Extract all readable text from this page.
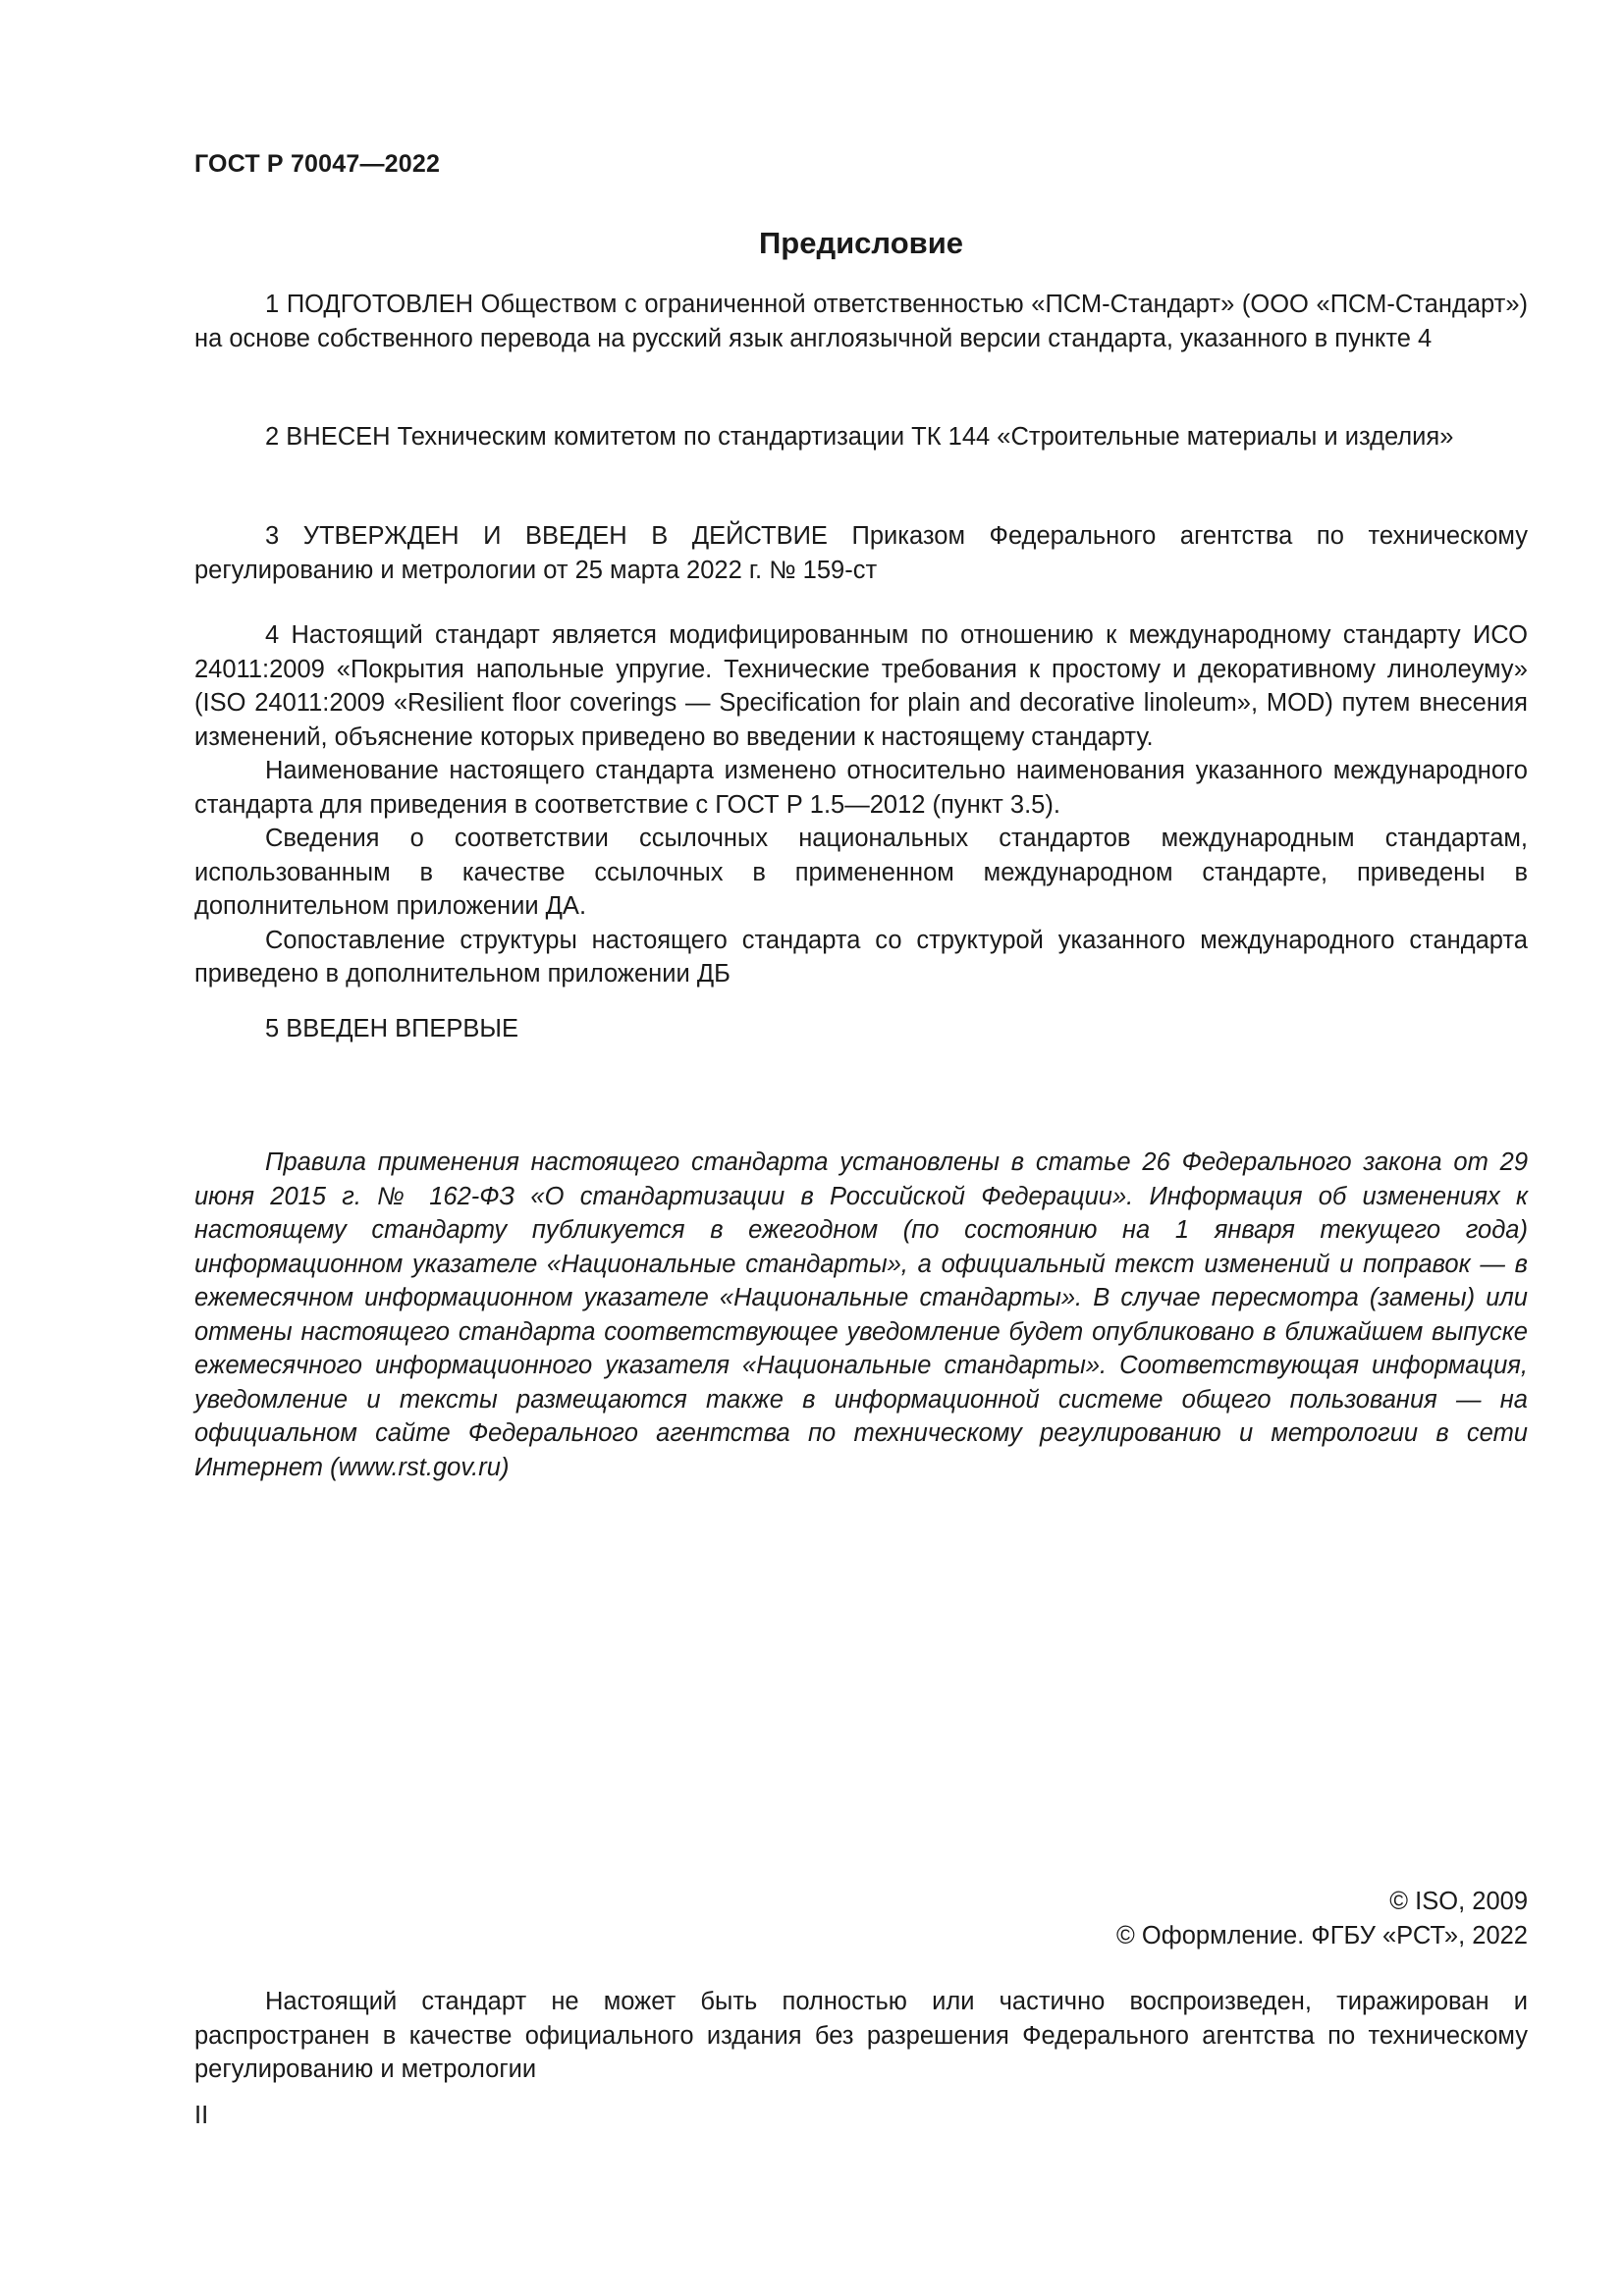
ГОСТ Р 70047—2022
Предисловие

1 ПОДГОТОВЛЕН Обществом с ограниченной ответственностью «ПСМ-Стандарт» (ООО «ПСМ-Стандарт») на основе собственного перевода на русский язык англоязычной версии стандарта, указанного в пункте 4

2 ВНЕСЕН Техническим комитетом по стандартизации ТК 144 «Строительные материалы и изделия»

3 УТВЕРЖДЕН И ВВЕДЕН В ДЕЙСТВИЕ Приказом Федерального агентства по техническому регулированию и метрологии от 25 марта 2022 г. № 159-ст

4 Настоящий стандарт является модифицированным по отношению к международному стандарту ИСО 24011:2009 «Покрытия напольные упругие. Технические требования к простому и декоративному линолеуму» (ISO 24011:2009 «Resilient floor coverings — Specification for plain and decorative linoleum», MOD) путем внесения изменений, объяснение которых приведено во введении к настоящему стандарту.

Наименование настоящего стандарта изменено относительно наименования указанного международного стандарта для приведения в соответствие с ГОСТ Р 1.5—2012 (пункт 3.5).

Сведения о соответствии ссылочных национальных стандартов международным стандартам, использованным в качестве ссылочных в примененном международном стандарте, приведены в дополнительном приложении ДА.

Сопоставление структуры настоящего стандарта со структурой указанного международного стандарта приведено в дополнительном приложении ДБ

5 ВВЕДЕН ВПЕРВЫЕ

Правила применения настоящего стандарта установлены в статье 26 Федерального закона от 29 июня 2015 г. № 162-ФЗ «О стандартизации в Российской Федерации». Информация об изменениях к настоящему стандарту публикуется в ежегодном (по состоянию на 1 января текущего года) информационном указателе «Национальные стандарты», а официальный текст изменений и поправок — в ежемесячном информационном указателе «Национальные стандарты». В случае пересмотра (замены) или отмены настоящего стандарта соответствующее уведомление будет опубликовано в ближайшем выпуске ежемесячного информационного указателя «Национальные стандарты». Соответствующая информация, уведомление и тексты размещаются также в информационной системе общего пользования — на официальном сайте Федерального агентства по техническому регулированию и метрологии в сети Интернет (www.rst.gov.ru)

© ISO, 2009
© Оформление. ФГБУ «РСТ», 2022

Настоящий стандарт не может быть полностью или частично воспроизведен, тиражирован и распространен в качестве официального издания без разрешения Федерального агентства по техническому регулированию и метрологии

II
